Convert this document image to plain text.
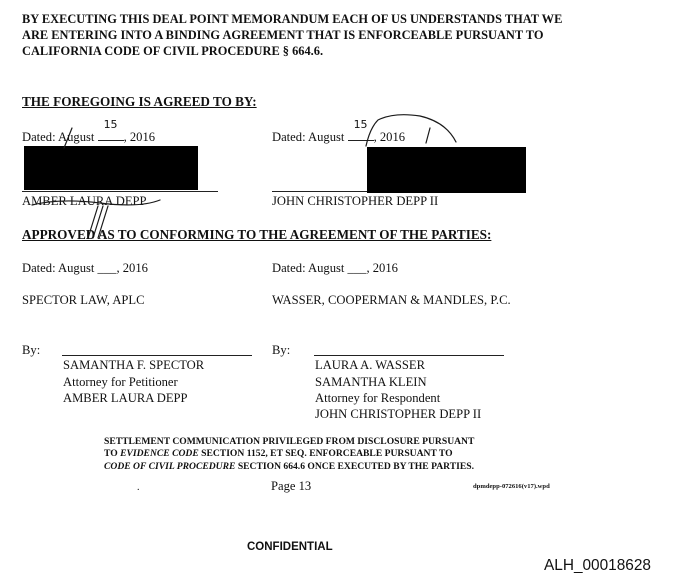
BY EXECUTING THIS DEAL POINT MEMORANDUM EACH OF US UNDERSTANDS THAT WE ARE ENTERING INTO A BINDING AGREEMENT THAT IS ENFORCEABLE PURSUANT TO CALIFORNIA CODE OF CIVIL PROCEDURE § 664.6.
THE FOREGOING IS AGREED TO BY:
Dated: August
15
, 2016
AMBER LAURA DEPP
Dated: August
15
, 2016
JOHN CHRISTOPHER DEPP II
APPROVED AS TO CONFORMING TO THE AGREEMENT OF THE PARTIES:
Dated: August ___, 2016
SPECTOR LAW, APLC
By:
SAMANTHA F. SPECTOR
Attorney for Petitioner
AMBER LAURA DEPP
Dated: August ___, 2016
WASSER, COOPERMAN & MANDLES, P.C.
By:
LAURA A. WASSER
SAMANTHA KLEIN
Attorney for Respondent
JOHN CHRISTOPHER DEPP II
SETTLEMENT COMMUNICATION PRIVILEGED FROM DISCLOSURE PURSUANT
TO EVIDENCE CODE SECTION 1152, ET SEQ. ENFORCEABLE PURSUANT TO
CODE OF CIVIL PROCEDURE SECTION 664.6 ONCE EXECUTED BY THE PARTIES.
Page 13	dpmdepp-072616(v17).wpd
.
CONFIDENTIAL
ALH_00018628
